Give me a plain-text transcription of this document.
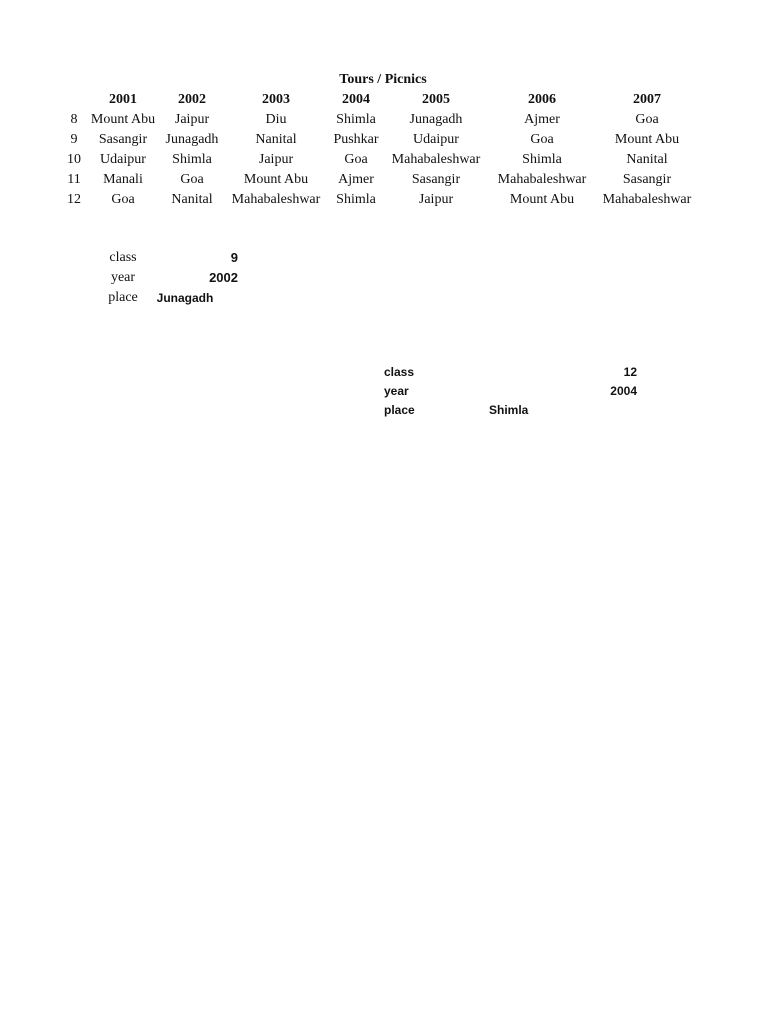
Tours / Picnics
	2001	2002	2003	2004	2005	2006	2007
8	Mount Abu	Jaipur	Diu	Shimla	Junagadh	Ajmer	Goa
9	Sasangir	Junagadh	Nanital	Pushkar	Udaipur	Goa	Mount Abu
10	Udaipur	Shimla	Jaipur	Goa	Mahabaleshwar	Shimla	Nanital
11	Manali	Goa	Mount Abu	Ajmer	Sasangir	Mahabaleshwar	Sasangir
12	Goa	Nanital	Mahabaleshwar	Shimla	Jaipur	Mount Abu	Mahabaleshwar
class	9
year	2002
place	Junagadh
class	12
year	2004
place	Shimla
